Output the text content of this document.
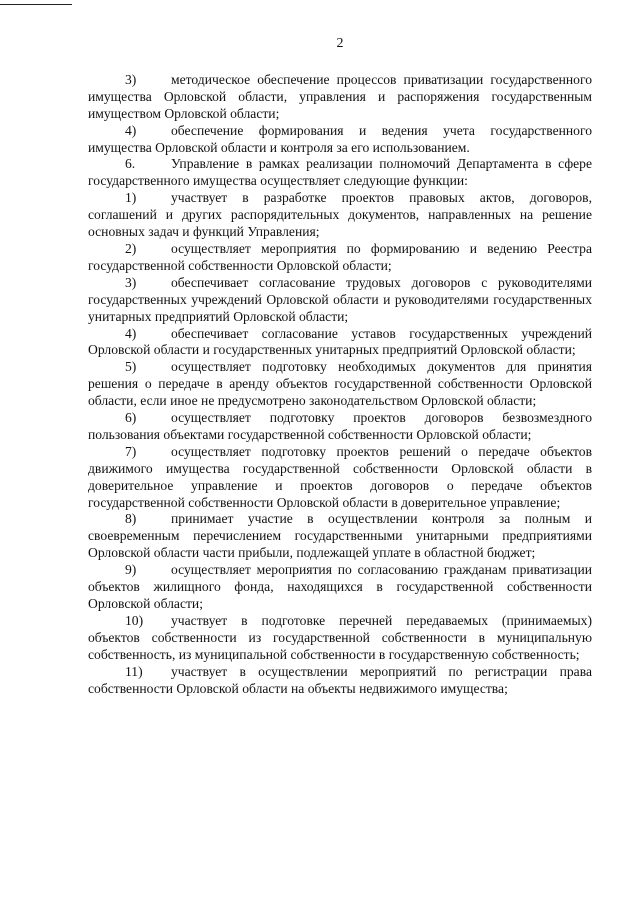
2

3)	методическое обеспечение процессов приватизации государственного имущества Орловской области, управления и распоряжения государственным имуществом Орловской области;

4)	обеспечение формирования и ведения учета государственного имущества Орловской области и контроля за его использованием.

6.	Управление в рамках реализации полномочий Департамента в сфере государственного имущества осуществляет следующие функции:

1)	участвует в разработке проектов правовых актов, договоров, соглашений и других распорядительных документов, направленных на решение основных задач и функций Управления;

2)	осуществляет мероприятия по формированию и ведению Реестра государственной собственности Орловской области;

3)	обеспечивает согласование трудовых договоров с руководителями государственных учреждений Орловской области и руководителями государственных унитарных предприятий Орловской области;

4)	обеспечивает согласование уставов государственных учреждений Орловской области и государственных унитарных предприятий Орловской области;

5)	осуществляет подготовку необходимых документов для принятия решения о передаче в аренду объектов государственной собственности Орловской области, если иное не предусмотрено законодательством Орловской области;

6)	осуществляет подготовку проектов договоров безвозмездного пользования объектами государственной собственности Орловской области;

7)	осуществляет подготовку проектов решений о передаче объектов движимого имущества государственной собственности Орловской области в доверительное управление и проектов договоров о передаче объектов государственной собственности Орловской области в доверительное управление;

8)	принимает участие в осуществлении контроля за полным и своевременным перечислением государственными унитарными предприятиями Орловской области части прибыли, подлежащей уплате в областной бюджет;

9)	осуществляет мероприятия по согласованию гражданам приватизации объектов жилищного фонда, находящихся в государственной собственности Орловской области;

10) участвует в подготовке перечней передаваемых (принимаемых) объектов собственности из государственной собственности в муниципальную собственность, из муниципальной собственности в государственную собственность;

11) участвует в осуществлении мероприятий по регистрации права собственности Орловской области на объекты недвижимого имущества;
